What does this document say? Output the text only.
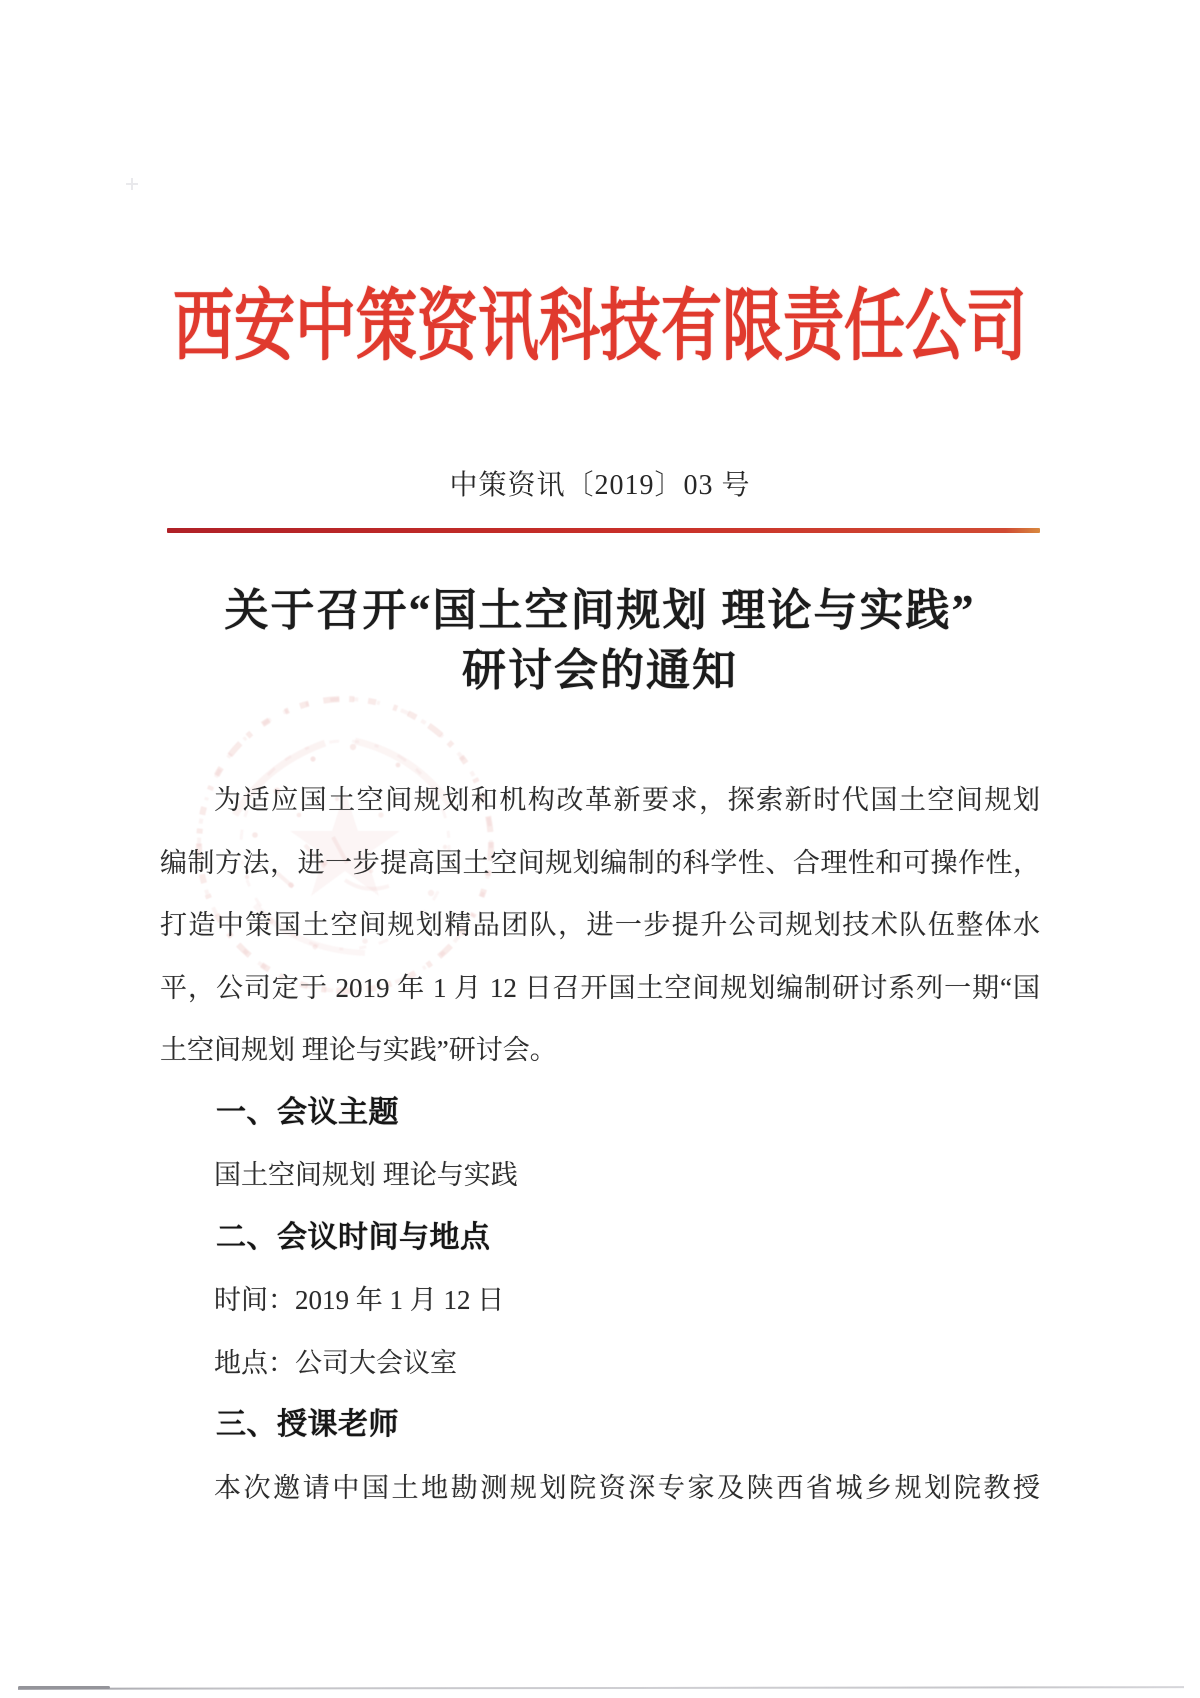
西安中策资讯科技有限责任公司
中策资讯〔2019〕03 号
关于召开“国土空间规划 理论与实践”
研讨会的通知
为适应国土空间规划和机构改革新要求，探索新时代国土空间规划
编制方法，进一步提高国土空间规划编制的科学性、合理性和可操作性，
打造中策国土空间规划精品团队，进一步提升公司规划技术队伍整体水
平，公司定于 2019 年 1 月 12 日召开国土空间规划编制研讨系列一期“国
土空间规划 理论与实践”研讨会。
一、会议主题
国土空间规划 理论与实践
二、会议时间与地点
时间：2019 年 1 月 12 日
地点：公司大会议室
三、授课老师
本次邀请中国土地勘测规划院资深专家及陕西省城乡规划院教授
